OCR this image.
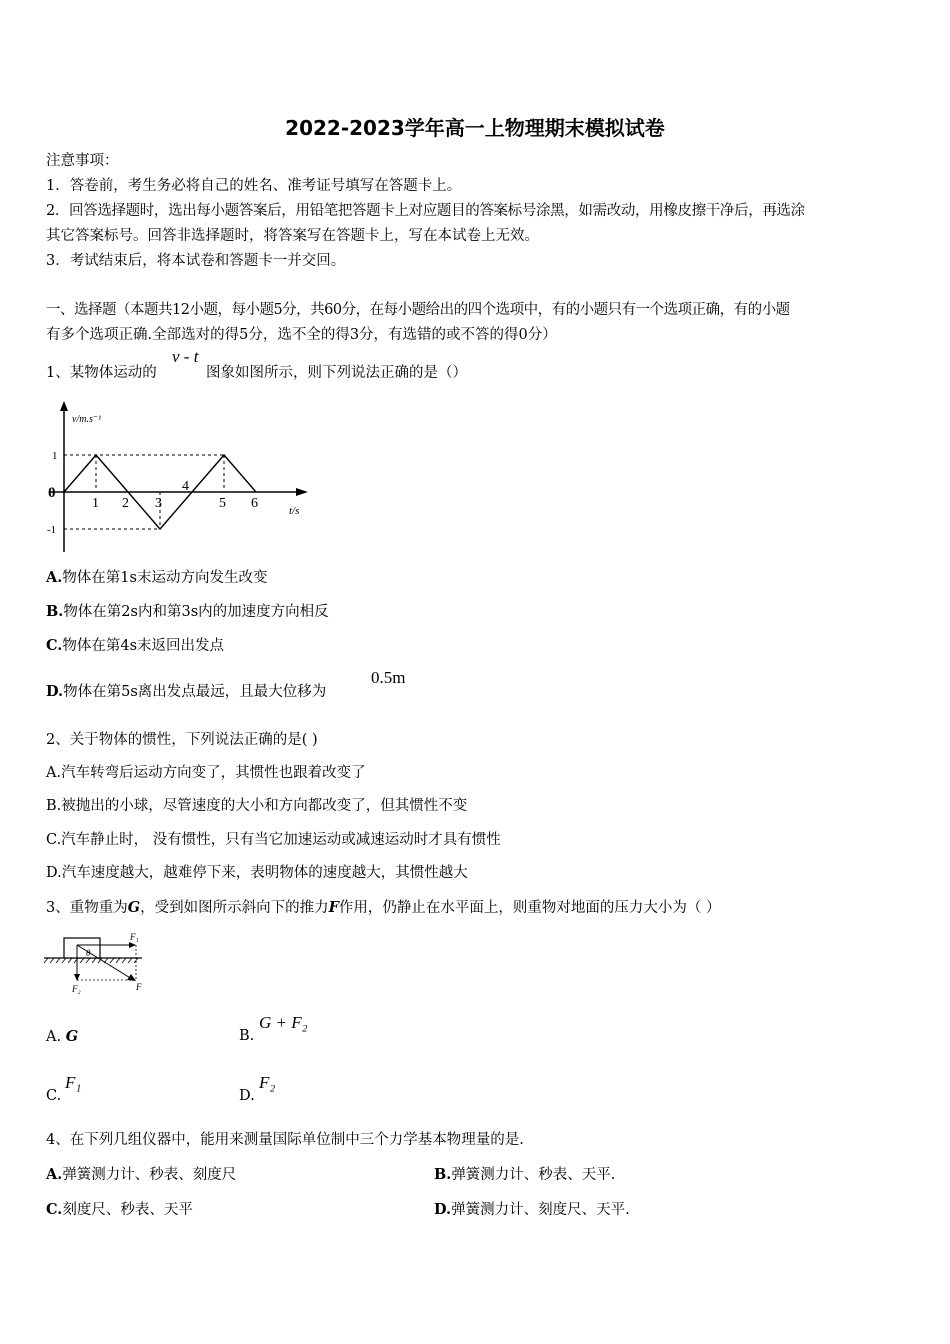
2022-2023学年高一上物理期末模拟试卷
注意事项：
1．答卷前，考生务必将自己的姓名、准考证号填写在答题卡上。
2．回答选择题时，选出每小题答案后，用铅笔把答题卡上对应题目的答案标号涂黑，如需改动，用橡皮擦干净后，再选涂
其它答案标号。回答非选择题时，将答案写在答题卡上，写在本试卷上无效。
3．考试结束后，将本试卷和答题卡一并交回。
一、选择题（本题共12小题，每小题5分，共60分，在每小题给出的四个选项中，有的小题只有一个选项正确，有的小题
有多个选项正确.全部选对的得5分，选不全的得3分，有选错的或不答的得0分）
1、某物体运动的
v - t
图象如图所示，则下列说法正确的是（）
v/m.s⁻¹
t/s
0
1
-1
1 2 3
4
5 6
A.物体在第1s末运动方向发生改变
B.物体在第2s内和第3s内的加速度方向相反
C.物体在第4s末返回出发点
D.物体在第5s离出发点最远，且最大位移为
0.5m
2、关于物体的惯性，下列说法正确的是( )
A.汽车转弯后运动方向变了，其惯性也跟着改变了
B.被抛出的小球，尽管速度的大小和方向都改变了，但其惯性不变
C.汽车静止时， 没有惯性，只有当它加速运动或减速运动时才具有惯性
D.汽车速度越大，越难停下来，表明物体的速度越大，其惯性越大
3、重物重为G，受到如图所示斜向下的推力F作用，仍静止在水平面上，则重物对地面的压力大小为（ ）
F₁
F₂	F
θ
A. G	B.
G + F₂
C.
F₁
D.
F₂
4、在下列几组仪器中，能用来测量国际单位制中三个力学基本物理量的是.
A.弹簧测力计、秒表、刻度尺	B.弹簧测力计、秒表、天平.
C.刻度尺、秒表、天平	D.弹簧测力计、刻度尺、天平.
